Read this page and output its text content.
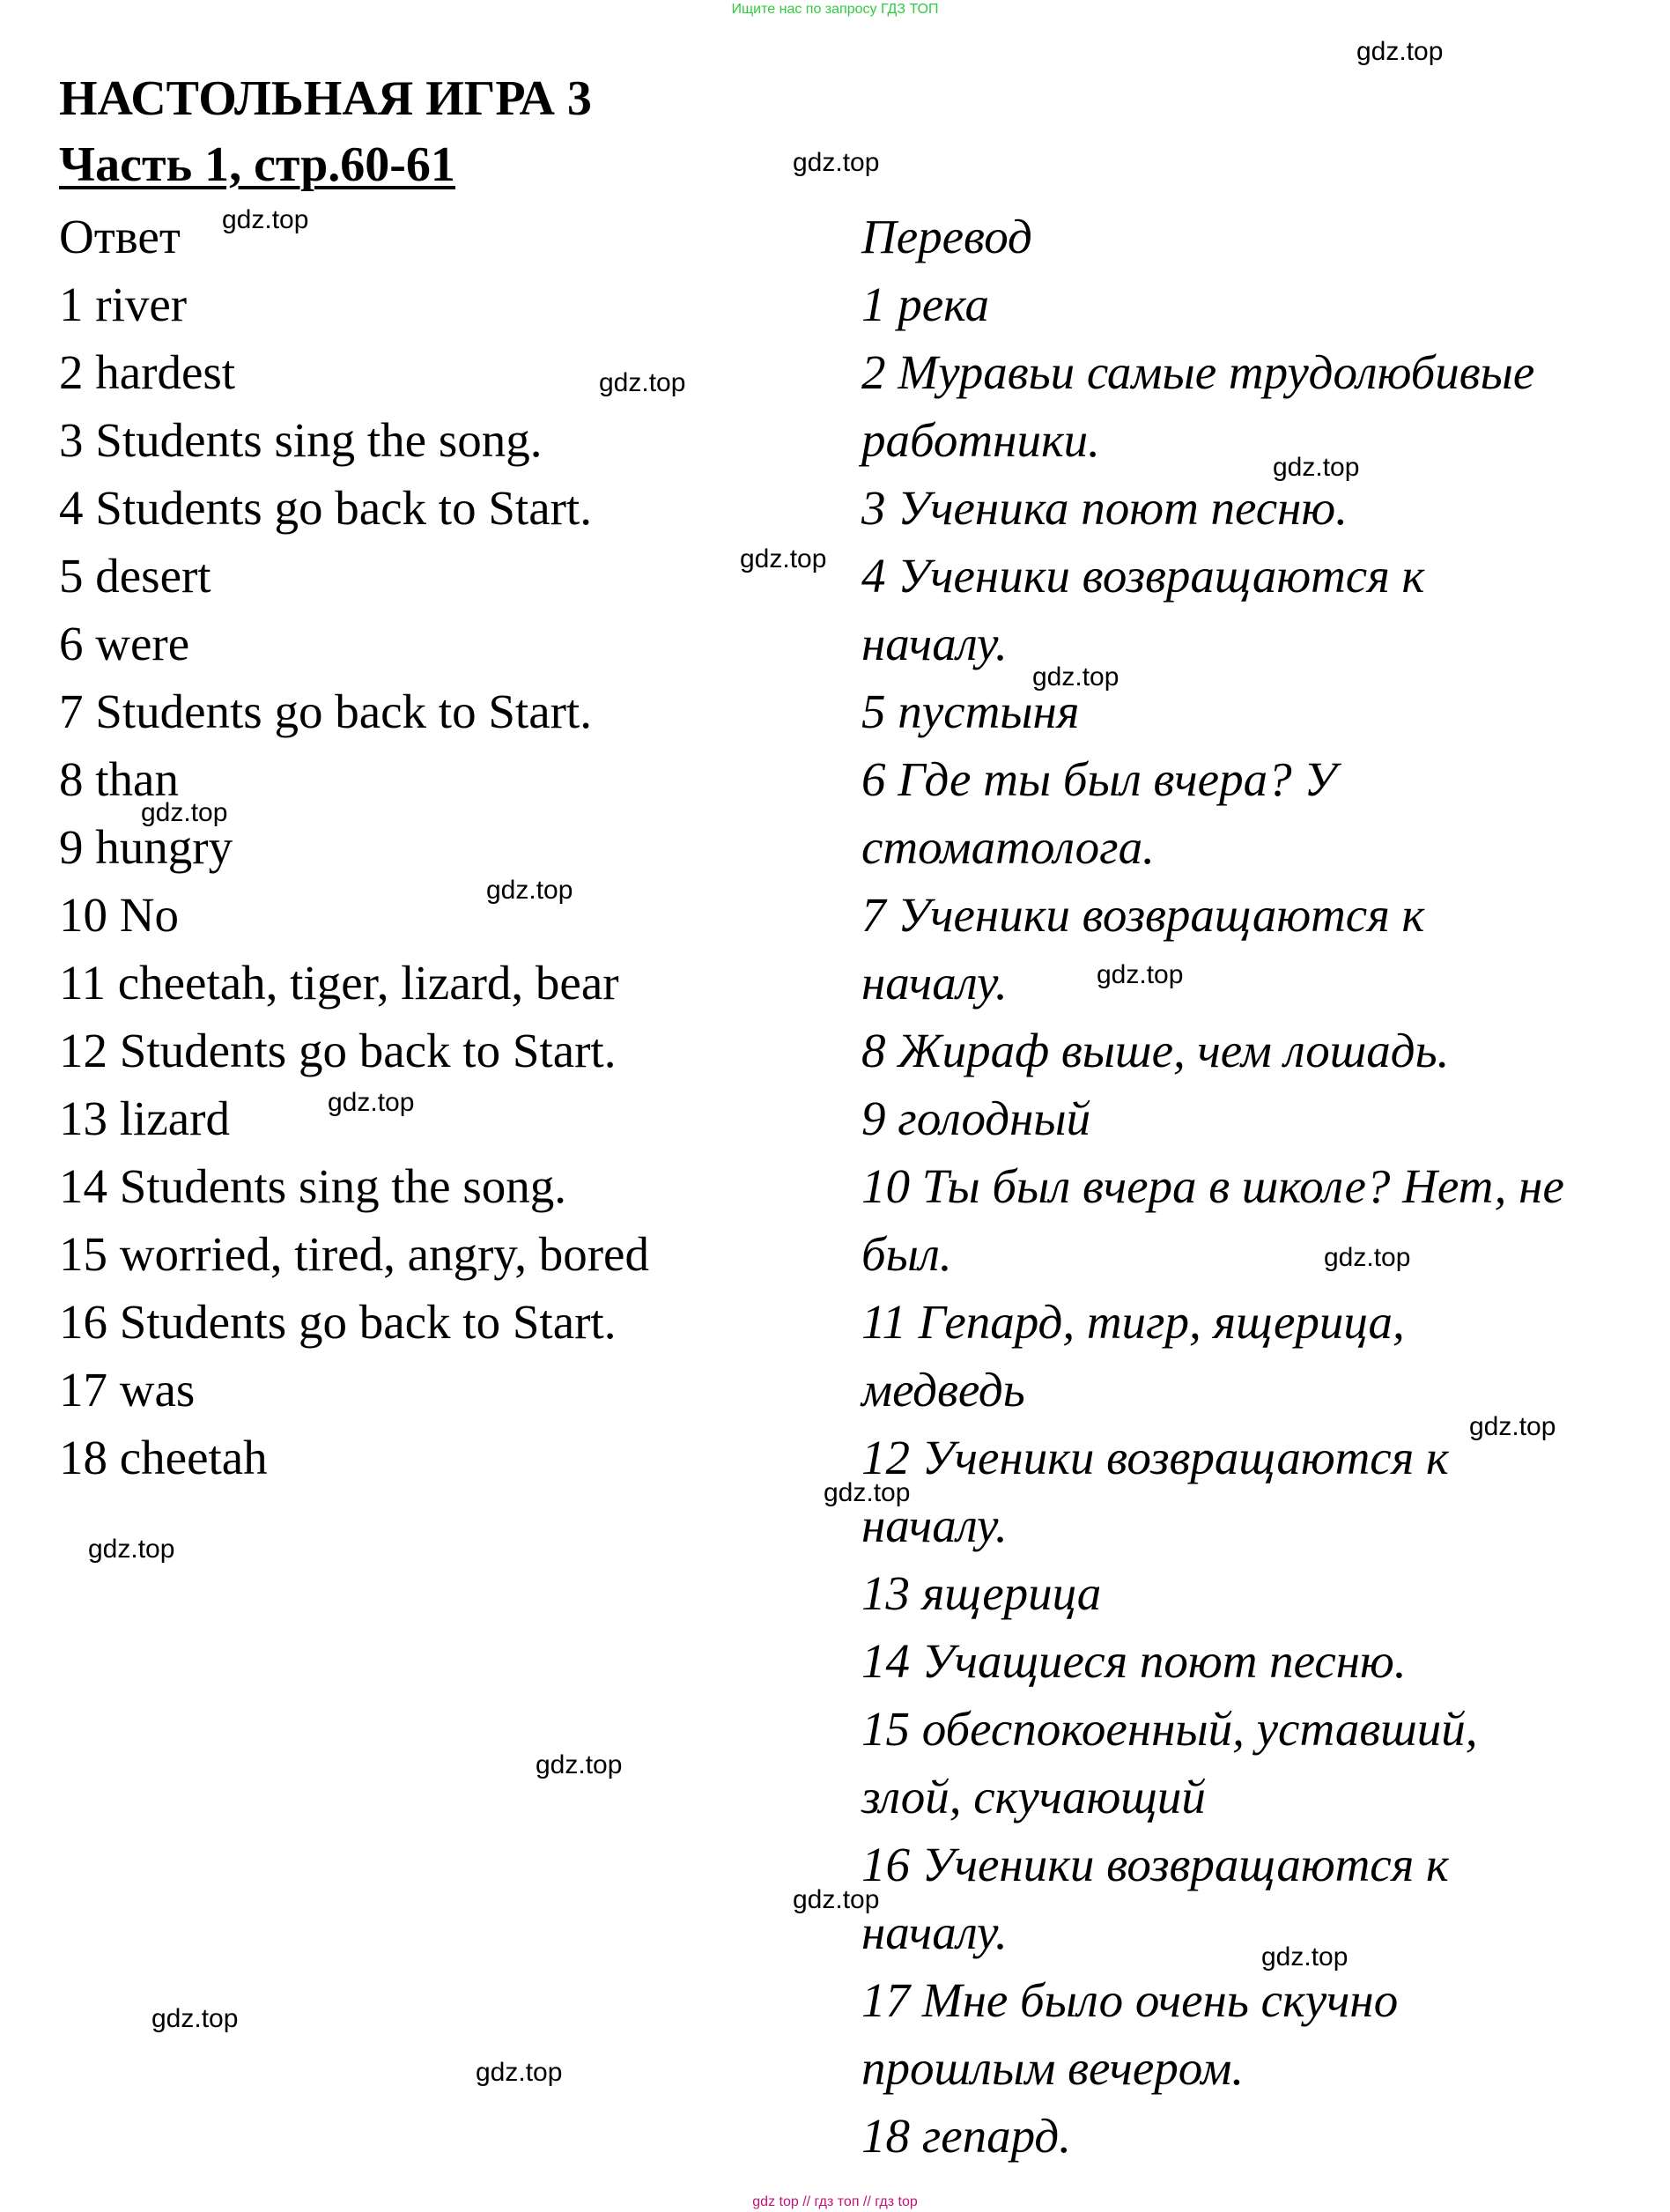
Ищите нас по запросу ГДЗ ТОП
НАСТОЛЬНАЯ ИГРА 3
Часть 1, стр.60-61
Ответ
1 river
2 hardest
3 Students sing the song.
4 Students go back to Start.
5 desert
6 were
7 Students go back to Start.
8 than
9 hungry
10 No
11 cheetah, tiger, lizard, bear
12 Students go back to Start.
13 lizard
14 Students sing the song.
15 worried, tired, angry, bored
16 Students go back to Start.
17 was
18 cheetah
Перевод
1 река
2 Муравьи самые трудолюбивые
работники.
3 Ученика поют песню.
4 Ученики возвращаются к
началу.
5 пустыня
6 Где ты был вчера? У
стоматолога.
7 Ученики возвращаются к
началу.
8 Жираф выше, чем лошадь.
9 голодный
10 Ты был вчера в школе? Нет, не
был.
11 Гепард, тигр, ящерица,
медведь
12 Ученики возвращаются к
началу.
13 ящерица
14 Учащиеся поют песню.
15 обеспокоенный, уставший,
злой, скучающий
16 Ученики возвращаются к
началу.
17 Мне было очень скучно
прошлым вечером.
18 гепард.
gdz.top
gdz.top
gdz.top
gdz.top
gdz.top
gdz.top
gdz.top
gdz.top
gdz.top
gdz.top
gdz.top
gdz.top
gdz.top
gdz.top
gdz.top
gdz.top
gdz.top
gdz.top
gdz.top
gdz.top
gdz top // гдз топ // гдз top
